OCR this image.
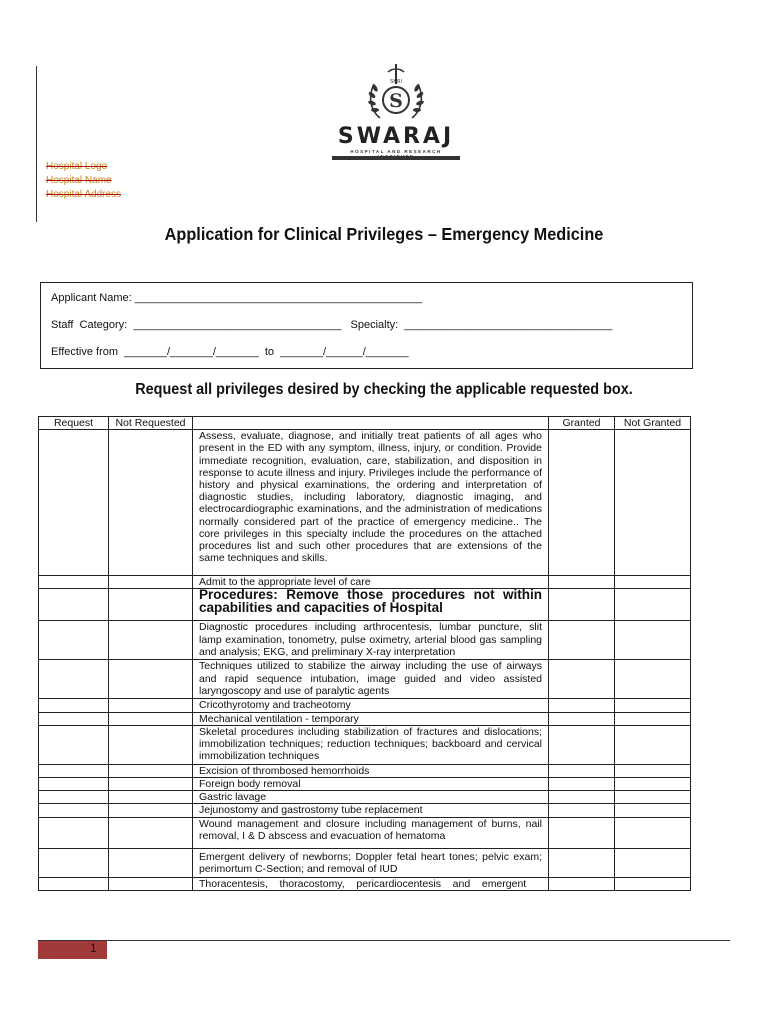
Hospital Logo
Hospital Name
Hospital Address
S
SHRI
SWARAJ
HOSPITAL AND RESEARCH
Application for Clinical Privileges – Emergency Medicine
Applicant Name: _______________________________________________
Staff  Category:  __________________________________   Specialty:  __________________________________
Effective from  _______/_______/_______  to  _______/______/_______
Request all privileges desired by checking the applicable requested box.
Request	Not Requested		Granted	Not Granted
		Assess, evaluate, diagnose, and initially treat patients of all ages who present in the ED with any symptom, illness, injury, or condition. Provide immediate recognition, evaluation, care, stabilization, and disposition in response to acute illness and injury. Privileges include the performance of history and physical examinations, the ordering and interpretation of diagnostic studies, including laboratory, diagnostic imaging, and electrocardiographic examinations, and the administration of medications normally considered part of the practice of emergency medicine.. The core privileges in this specialty include the procedures on the attached procedures list and such other procedures that are extensions of the same techniques and skills.		
		Admit to the appropriate level of care		
		Procedures: Remove those procedures not within capabilities and capacities of Hospital		
		Diagnostic procedures including arthrocentesis, lumbar puncture, slit lamp examination, tonometry, pulse oximetry, arterial blood gas sampling and analysis; EKG, and preliminary X-ray interpretation		
		Techniques utilized to stabilize the airway including the use of airways and rapid sequence intubation, image guided and video assisted laryngoscopy and use of paralytic agents		
		Cricothyrotomy and tracheotomy		
		Mechanical ventilation - temporary		
		Skeletal procedures including stabilization of fractures and dislocations; immobilization techniques; reduction techniques; backboard and cervical immobilization techniques		
		Excision of thrombosed hemorrhoids		
		Foreign body removal		
		Gastric lavage		
		Jejunostomy and gastrostomy tube replacement		
		Wound management and closure including management of burns, nail removal, I & D abscess and evacuation of hematoma		
		Emergent delivery of newborns; Doppler fetal heart tones; pelvic exam; perimortum C-Section; and removal of IUD		
		Thoracentesis,    thoracostomy,    pericardiocentesis    and    emergent		
1
